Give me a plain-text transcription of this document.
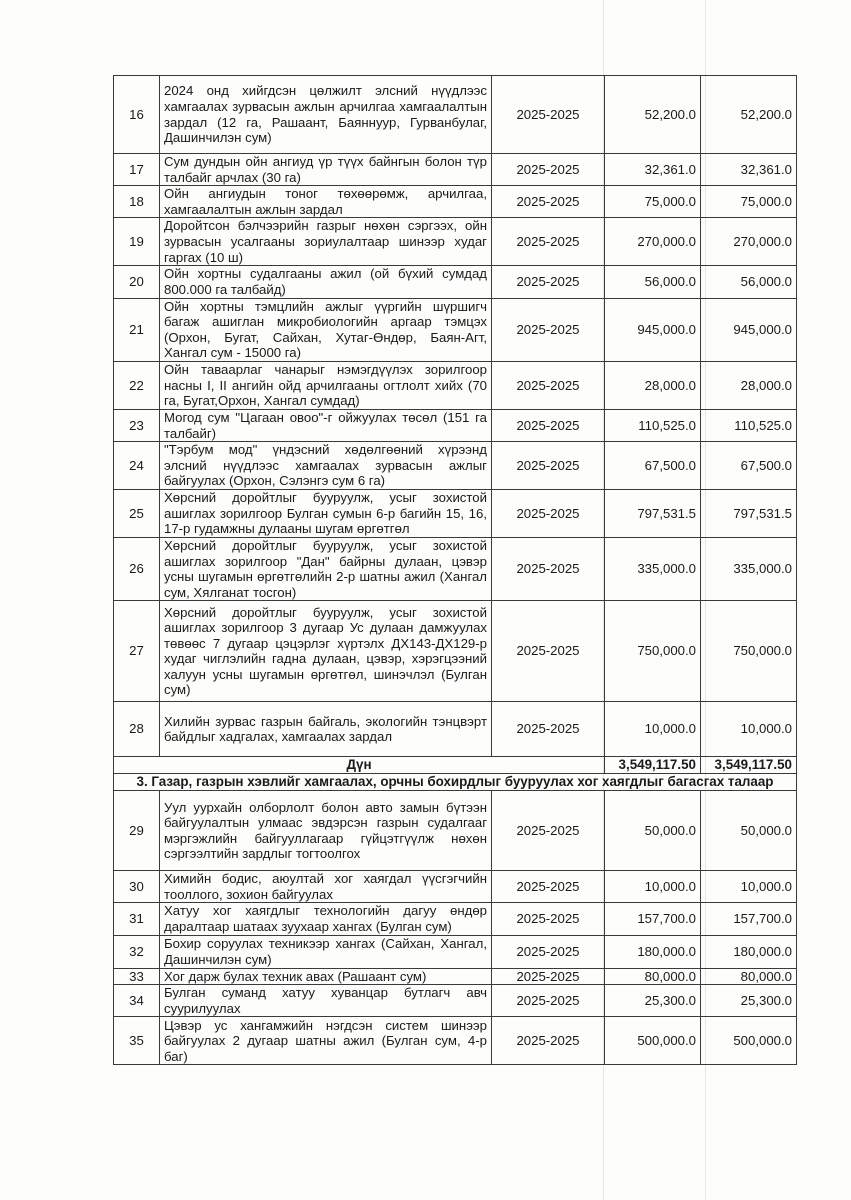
16	2024 онд хийгдсэн цөлжилт элсний нүүдлээс хамгаалах зурвасын ажлын арчилгаа хамгаалалтын зардал (12 га, Рашаант, Баяннуур, Гурванбулаг, Дашинчилэн сум)	2025-2025	52,200.0	52,200.0
17	Сум дундын ойн ангиуд үр түүх байнгын болон түр талбайг арчлах (30 га)	2025-2025	32,361.0	32,361.0
18	Ойн ангиудын тоног төхөөрөмж, арчилгаа, хамгаалалтын ажлын зардал	2025-2025	75,000.0	75,000.0
19	Доройтсон бэлчээрийн газрыг нөхөн сэргээх, ойн зурвасын усалгааны зориулалтаар шинээр худаг гаргах (10 ш)	2025-2025	270,000.0	270,000.0
20	Ойн хортны судалгааны ажил (ой бүхий сумдад 800.000 га талбайд)	2025-2025	56,000.0	56,000.0
21	Ойн хортны тэмцлийн ажлыг үүргийн шүршигч багаж ашиглан микробиологийн аргаар тэмцэх (Орхон, Бугат, Сайхан, Хутаг-Өндөр, Баян-Агт, Хангал сум - 15000 га)	2025-2025	945,000.0	945,000.0
22	Ойн таваарлаг чанарыг нэмэгдүүлэх зорилгоор насны I, II ангийн ойд арчилгааны огтлолт хийх (70 га, Бугат,Орхон, Хангал сумдад)	2025-2025	28,000.0	28,000.0
23	Могод сум "Цагаан овоо"-г ойжуулах төсөл (151 га талбайг)	2025-2025	110,525.0	110,525.0
24	"Тэрбум мод" үндэсний хөдөлгөөний хүрээнд элсний нүүдлээс хамгаалах зурвасын ажлыг байгуулах (Орхон, Сэлэнгэ сум 6 га)	2025-2025	67,500.0	67,500.0
25	Хөрсний доройтлыг бууруулж, усыг зохистой ашиглах зорилгоор Булган сумын 6-р багийн 15, 16, 17-р гудамжны дулааны шугам өргөтгөл	2025-2025	797,531.5	797,531.5
26	Хөрсний доройтлыг бууруулж, усыг зохистой ашиглах зорилгоор "Дан" байрны дулаан, цэвэр усны шугамын өргөтгөлийн 2-р шатны ажил (Хангал сум, Хялганат тосгон)	2025-2025	335,000.0	335,000.0
27	Хөрсний доройтлыг бууруулж, усыг зохистой ашиглах зорилгоор 3 дугаар Ус дулаан дамжуулах төвөөс 7 дугаар цэцэрлэг хүртэлх ДХ143-ДХ129-р худаг чиглэлийн гадна дулаан, цэвэр, хэрэгцээний халуун усны шугамын өргөтгөл, шинэчлэл (Булган сум)	2025-2025	750,000.0	750,000.0
28	Хилийн зурвас газрын байгаль, экологийн тэнцвэрт байдлыг хадгалах, хамгаалах зардал	2025-2025	10,000.0	10,000.0
Дүн			3,549,117.50	3,549,117.50
3. Газар, газрын хэвлийг хамгаалах, орчны бохирдлыг бууруулах хог хаягдлыг багасгах талаар				
29	Уул уурхайн олборлолт болон авто замын бүтээн байгуулалтын улмаас эвдэрсэн газрын судалгааг мэргэжлийн байгууллагаар гүйцэтгүүлж нөхөн сэргээлтийн зардлыг тогтоолгох	2025-2025	50,000.0	50,000.0
30	Химийн бодис, аюултай хог хаягдал үүсгэгчийн тооллого, зохион байгуулах	2025-2025	10,000.0	10,000.0
31	Хатуу хог хаягдлыг технологийн дагуу өндөр даралтаар шатаах зуухаар хангах (Булган сум)	2025-2025	157,700.0	157,700.0
32	Бохир соруулах техникээр хангах (Сайхан, Хангал, Дашинчилэн сум)	2025-2025	180,000.0	180,000.0
33	Хог дарж булах техник авах (Рашаант сум)	2025-2025	80,000.0	80,000.0
34	Булган суманд хатуу хуванцар бутлагч авч суурилуулах	2025-2025	25,300.0	25,300.0
35	Цэвэр ус хангамжийн нэгдсэн систем шинээр байгуулах 2 дугаар шатны ажил (Булган сум, 4-р баг)	2025-2025	500,000.0	500,000.0
